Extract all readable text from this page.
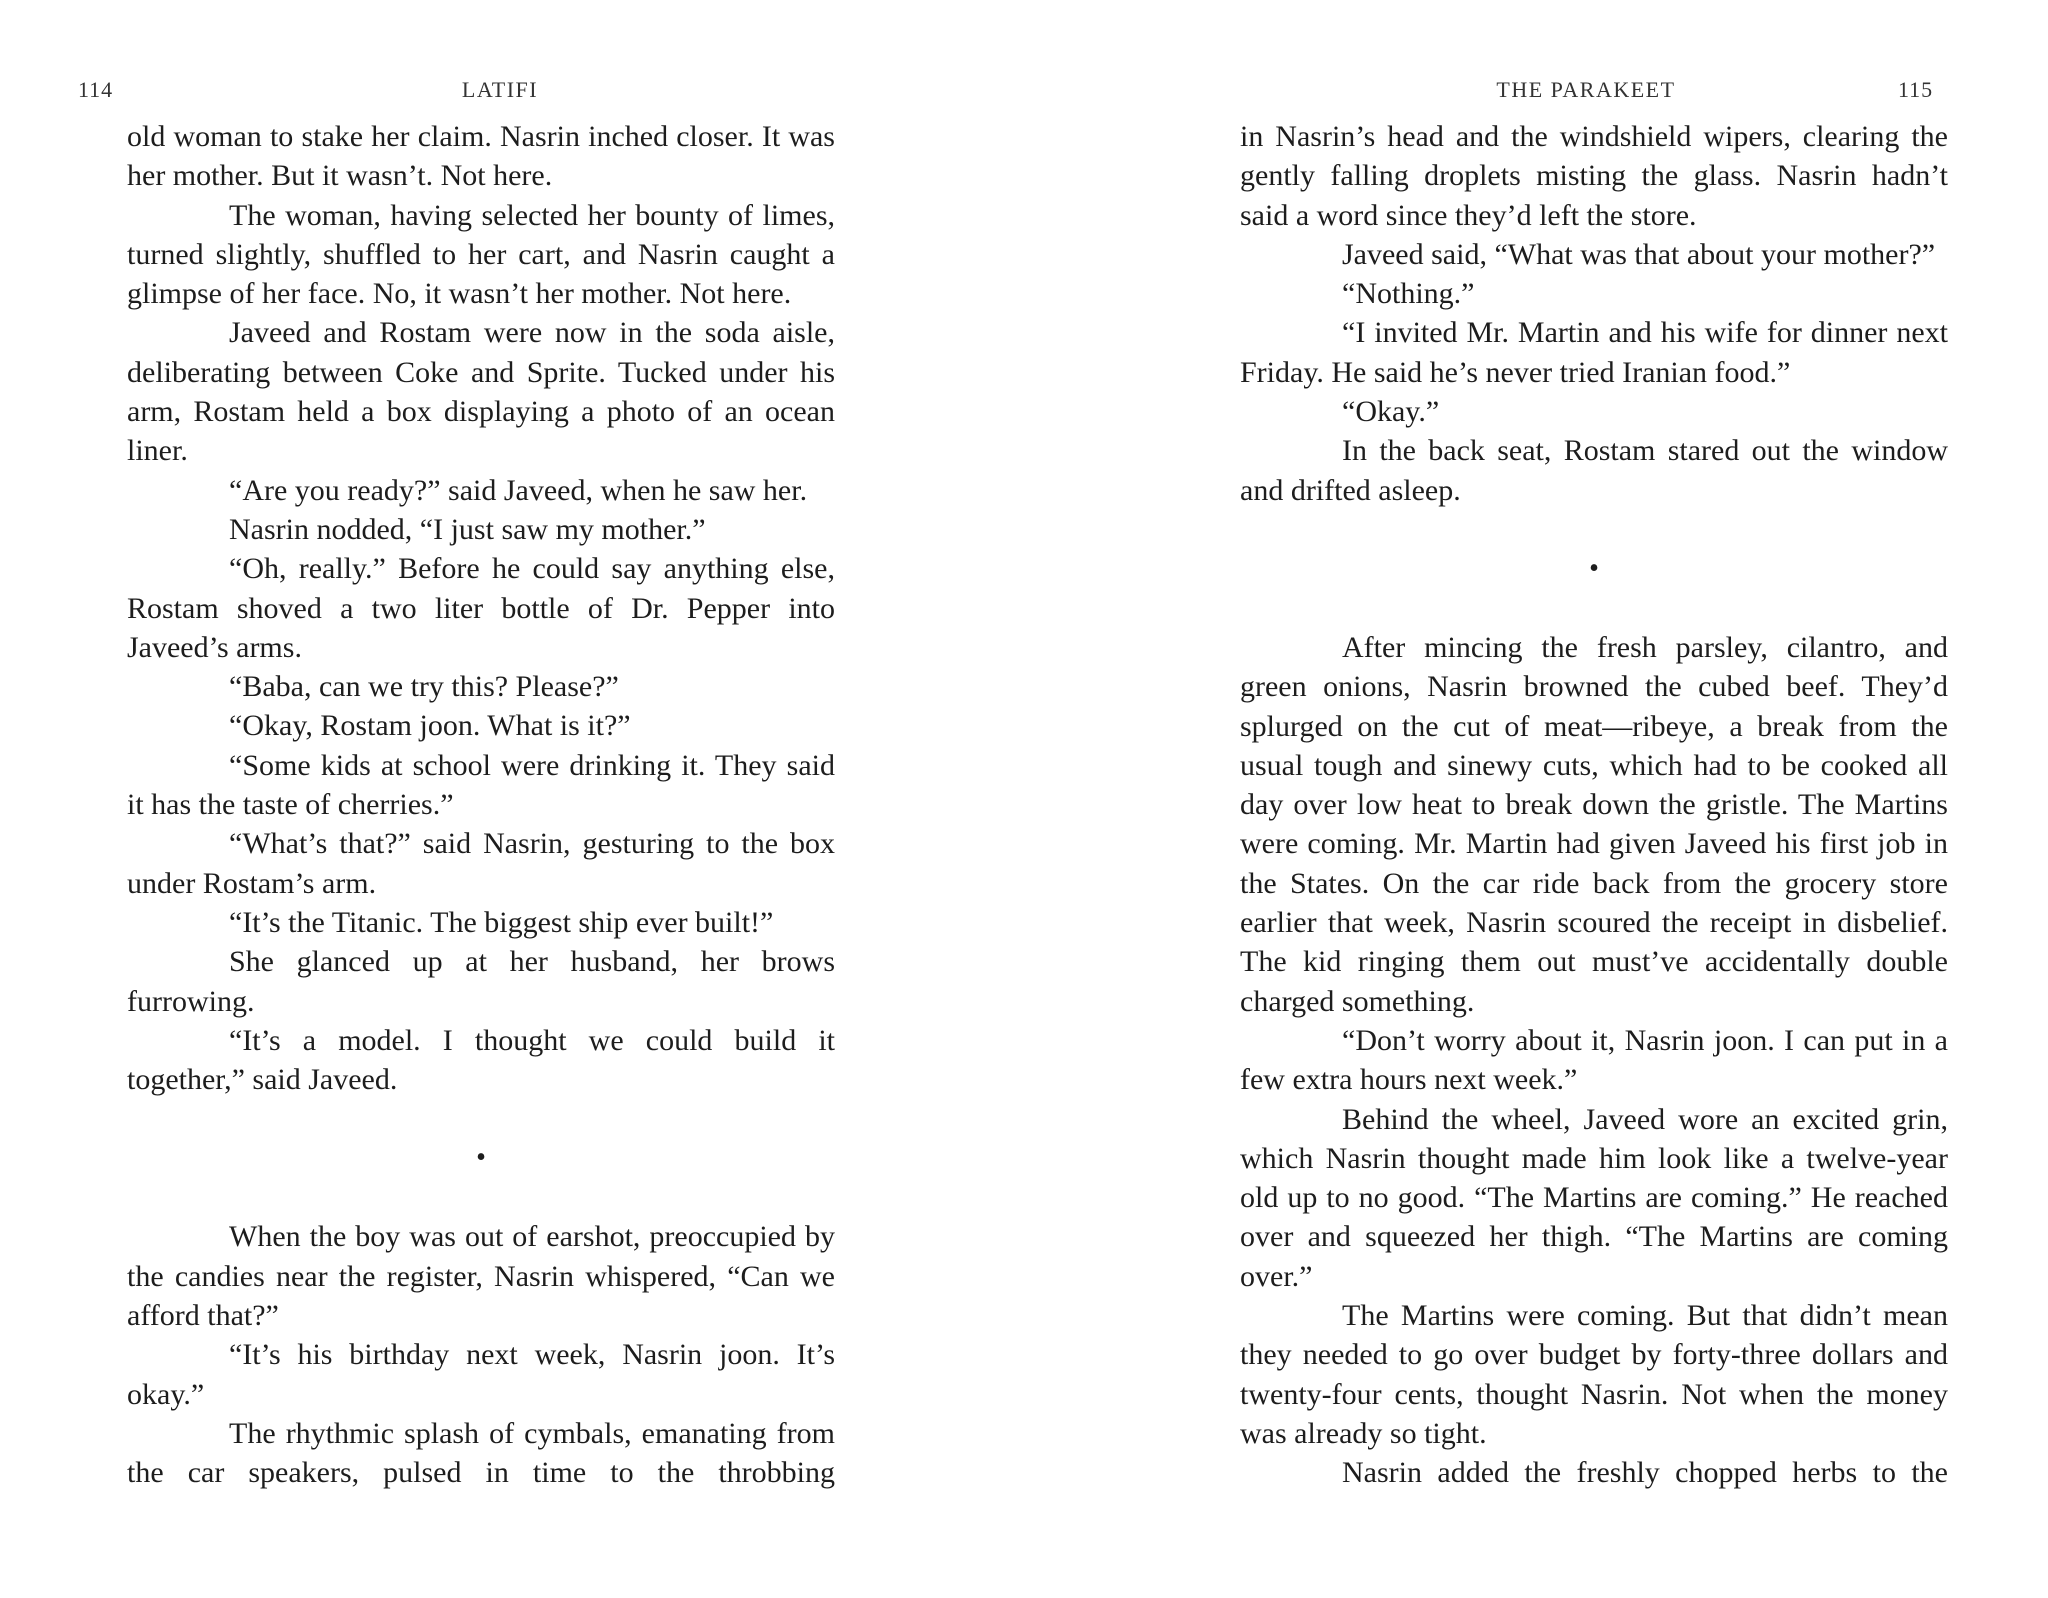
114	LATIFI

old woman to stake her claim. Nasrin inched closer. It was her mother. But it wasn’t. Not here.

The woman, having selected her bounty of limes, turned slightly, shuffled to her cart, and Nasrin caught a glimpse of her face. No, it wasn’t her mother. Not here.

Javeed and Rostam were now in the soda aisle, deliberating between Coke and Sprite. Tucked under his arm, Rostam held a box displaying a photo of an ocean liner.

“Are you ready?” said Javeed, when he saw her.

Nasrin nodded, “I just saw my mother.”

“Oh, really.” Before he could say anything else, Rostam shoved a two liter bottle of Dr. Pepper into Javeed’s arms.

“Baba, can we try this? Please?”

“Okay, Rostam joon. What is it?”

“Some kids at school were drinking it. They said it has the taste of cherries.”

“What’s that?” said Nasrin, gesturing to the box under Rostam’s arm.

“It’s the Titanic. The biggest ship ever built!”

She glanced up at her husband, her brows furrowing.

“It’s a model. I thought we could build it together,” said Javeed.

•

When the boy was out of earshot, preoccupied by the candies near the register, Nasrin whispered, “Can we afford that?”

“It’s his birthday next week, Nasrin joon. It’s okay.”

The rhythmic splash of cymbals, emanating from the car speakers, pulsed in time to the throbbing

THE PARAKEET	115

in Nasrin’s head and the windshield wipers, clearing the gently falling droplets misting the glass. Nasrin hadn’t said a word since they’d left the store.

Javeed said, “What was that about your mother?”

“Nothing.”

“I invited Mr. Martin and his wife for dinner next Friday. He said he’s never tried Iranian food.”

“Okay.”

In the back seat, Rostam stared out the window and drifted asleep.

•

After mincing the fresh parsley, cilantro, and green onions, Nasrin browned the cubed beef. They’d splurged on the cut of meat—ribeye, a break from the usual tough and sinewy cuts, which had to be cooked all day over low heat to break down the gristle. The Martins were coming. Mr. Martin had given Javeed his first job in the States. On the car ride back from the grocery store earlier that week, Nasrin scoured the receipt in disbelief. The kid ringing them out must’ve accidentally double charged something.

“Don’t worry about it, Nasrin joon. I can put in a few extra hours next week.”

Behind the wheel, Javeed wore an excited grin, which Nasrin thought made him look like a twelve-year old up to no good. “The Martins are coming.” He reached over and squeezed her thigh. “The Martins are coming over.”

The Martins were coming. But that didn’t mean they needed to go over budget by forty-three dollars and twenty-four cents, thought Nasrin. Not when the money was already so tight.

Nasrin added the freshly chopped herbs to the
